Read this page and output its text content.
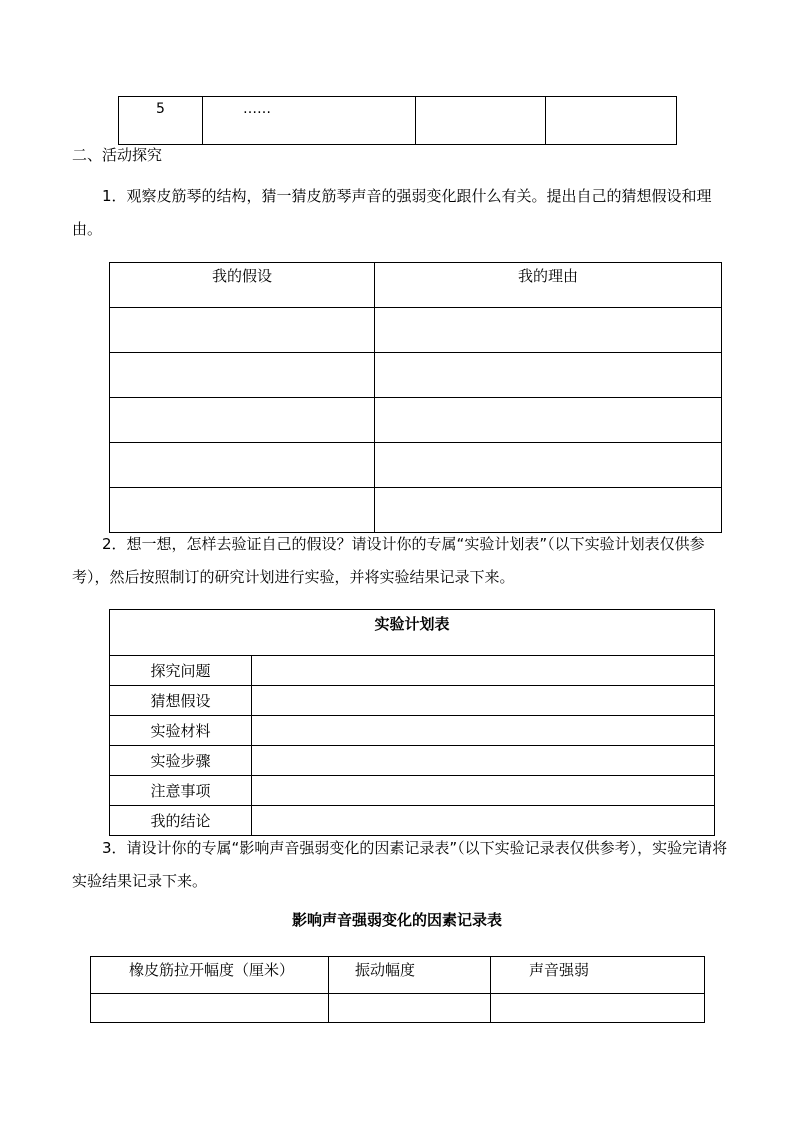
5	……		
二、活动探究
1．观察皮筋琴的结构，猜一猜皮筋琴声音的强弱变化跟什么有关。提出自己的猜想假设和理由。
我的假设	我的理由

2．想一想，怎样去验证自己的假设？请设计你的专属“实验计划表”（以下实验计划表仅供参考），然后按照制订的研究计划进行实验，并将实验结果记录下来。
实验计划表	
探究问题	
猜想假设	
实验材料	
实验步骤	
注意事项	
我的结论	
3．请设计你的专属“影响声音强弱变化的因素记录表”（以下实验记录表仅供参考），实验完请将实验结果记录下来。
影响声音强弱变化的因素记录表
橡皮筋拉开幅度（厘米）	振动幅度	声音强弱
